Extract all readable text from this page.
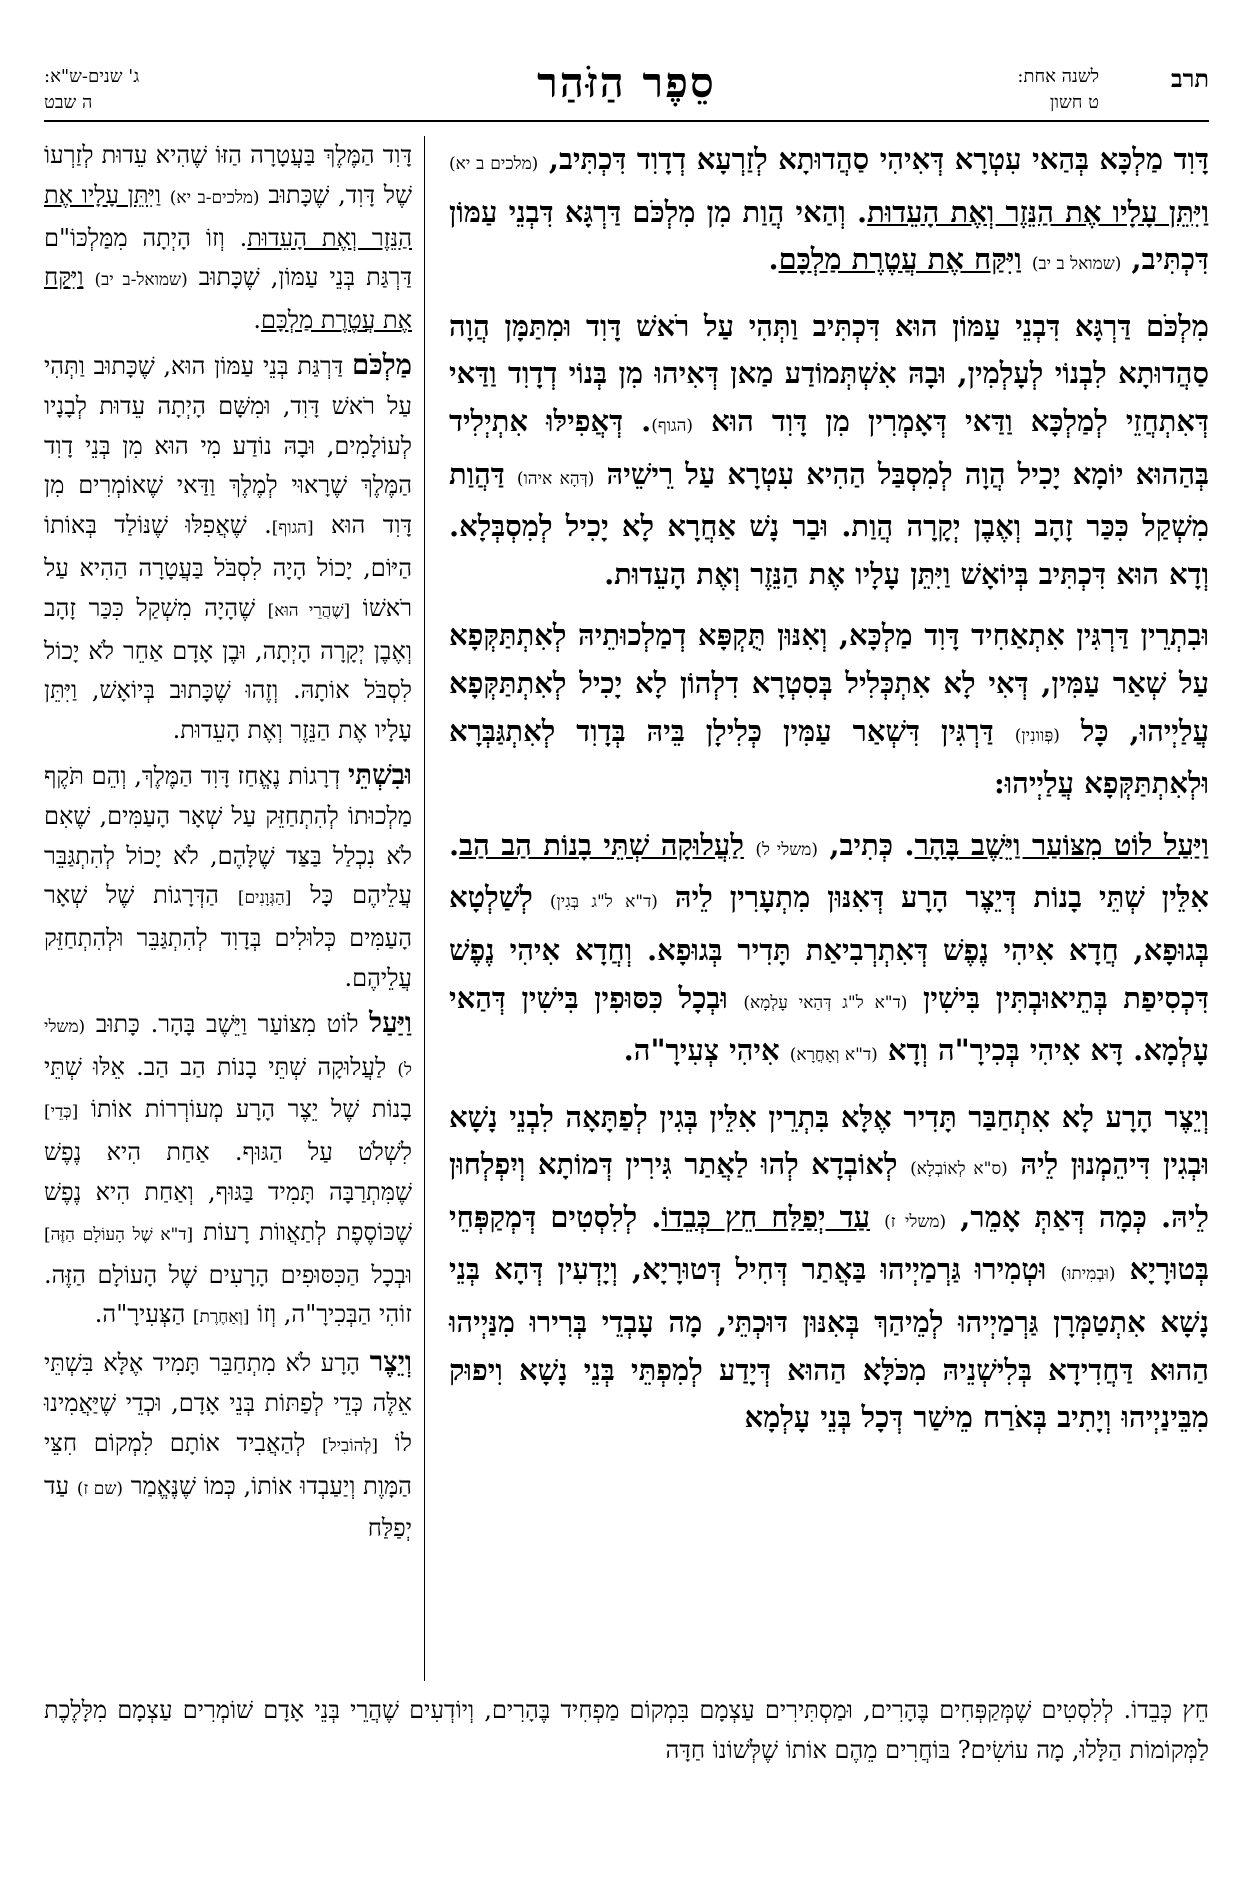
תרב
לשנה אחת:
ט חשון
סֵפֶר הַזֹּהַר
ג' שנים-ש"א:
ה שבט

דָּוִד מַלְכָּא בְּהַאי עִטְרָא דְּאִיהִי סַהֲדוּתָא לְזַרְעָא דְדָוִד דִּכְתִּיב, (מלכים ב יא) וַיִּתֵּן עָלָיו אֶת הַנֵּזֶר וְאֶת הָעֵדוּת. וְהַאי הֲוַת מִן מִלְכֹּם דַּרְגָּא דִּבְנֵי עַמּוֹן דִּכְתִּיב, (שמואל ב יב) וַיִּקַּח אֶת עֲטֶרֶת מַלְכָּם.

מִלְכֹּם דַּרְגָּא דִּבְנֵי עַמּוֹן הוּא דִּכְתִּיב וַתְּהִי עַל רֹאשׁ דָּוִד וּמִתַּמָּן הֲוָה סַהֲדוּתָא לִבְנוֹי לְעָלְמִין, וּבָהּ אִשְׁתְּמוֹדַע מַאן דְּאִיהוּ מִן בְּנוֹי דְדָוִד וַדַּאי דְּאִתְחֲזֵי לְמַלְכָּא וַדַּאי דְּאָמְרִין מִן דָּוִד הוּא (הגוף). דְּאֲפִילּוּ אִתְיְלִיד בְּהַהוּא יוֹמָא יָכִיל הֲוָה לְמִסְבַּל הַהִיא עִטְרָא עַל רֵישֵׁיהּ (דְּהָא איהו) דַּהֲוַת מִשְׁקַל כִּכַּר זָהָב וְאֶבֶן יְקָרָה הֲוַת. וּבַר נָשׁ אַחֲרָא לָא יָכִיל לְמִסְבְּלָא. וְדָא הוּא דִּכְתִּיב בְּיוֹאָשׁ וַיִּתֵּן עָלָיו אֶת הַנֵּזֶר וְאֶת הָעֵדוּת.

וּבִתְרֵין דַּרְגִּין אִתְאַחִיד דָּוִד מַלְכָּא, וְאִנּוּן תֻּקְפָּא דְמַלְכוּתֵיהּ לְאִתְתַּקְּפָא עַל שְׁאַר עַמִּין, דְּאִי לָא אִתְכְּלִיל בְּסִטְרָא דִלְהוֹן לָא יָכִיל לְאִתְתַּקְּפָא עֲלַיְיהוּ, כָּל (פְּוונִין) דַּרְגִּין דִּשְׁאַר עַמִּין כְּלִילָן בֵּיהּ בְּדָוִד לְאִתְגַּבְּרָא וּלְאִתְתַּקְּפָא עֲלַיְיהוּ:

וַיַּעַל לוֹט מִצּוֹעַר וַיֵּשֶׁב בָּהָר. כְּתִיב, (משלי ל) לַעֲלוּקָה שְׁתֵּי בָנוֹת הַב הַב. אִלֵּין שְׁתֵּי בָנוֹת דְּיֵצֶר הָרָע דְּאִנּוּן מִתְעָרִין לֵיהּ (ד"א ל"ג בְּגִין) לְשַׁלְטָא בְּגוּפָא, חֲדָא אִיהִי נֶפֶשׁ דְּאִתְרְבִיאַת תָּדִיר בְּגוּפָא. וְחֲדָא אִיהִי נֶפֶשׁ דִּכְסִיפַת בְּתֵיאוּבְתִּין בִּישִׁין (ד"א ל"ג דְּהַאי עָלְמָא) וּבְכָל כִּסּוּפִין בִּישִׁין דְּהַאי עָלְמָא. דָּא אִיהִי בְּכִירָ"ה וְדָא (ד"א וְאָחֳרָא) אִיהִי צְעִירָ"ה.

וְיֵצֶר הָרָע לָא אִתְחַבַּר תָּדִיר אֶלָּא בִּתְרֵין אִלֵּין בְּגִין לְפַתָּאָה לִבְנֵי נָשָׁא וּבְגִין דִּיהֵמְנוּן לֵיהּ (ס"א לְאוֹבְלָא) לְאוֹבְדָא לְהוּ לַאֲתַר גִּירִין דְּמוֹתָא וְיִפְלְחוּן לֵיהּ. כְּמָה דְּאַתְּ אָמֵר, (משלי ז) עַד יְפַלַּח חֵץ כְּבֵדוֹ. לְלִסְטִים דְּמְקַפְּחֵי בְּטוּרָיָא (וּבְמִיתוּ) וּטְמִירוּ גַּרְמַיְיהוּ בַּאֲתַר דְּחִיל דְּטוּרָיָא, וְיָדְעִין דְּהָא בְּנֵי נָשָׁא אִתְטַמְּרָן גַּרְמַיְיהוּ לְמֵיהַךְ בְּאִנּוּן דּוּכְתֵּי, מָה עָבְדֵי בְּרִירוּ מִנַּיְיהוּ הַהוּא דַּחֲדִידָא בְּלִישְׁנֵיהּ מִכֹּלָּא הַהוּא דְּיָדַע לְמִפְתֵּי בְּנֵי נָשָׁא וִיפוּק מִבֵּינַיְיהוּ וְיָתִיב בְּאֹרַח מֵישַׁר דְּכָל בְּנֵי עָלְמָא

דָּוִד הַמֶּלֶךְ בַּעֲטָרָה הַזּוֹ שֶׁהִיא עֵדוּת לְזַרְעוֹ שֶׁל דָּוִד, שֶׁכָּתוּב (מלכים-ב יא) וַיִּתֵּן עָלָיו אֶת הַנֵּזֶר וְאֶת הָעֵדוּת. וְזוֹ הָיְתָה מִמַּלְכּוֹ"ם דַּרְגַּת בְּנֵי עַמּוֹן, שֶׁכָּתוּב (שמואל-ב יב) וַיִּקַּח אֶת עֲטֶרֶת מַלְכָּם.

מַלְכֹּם דַּרְגַּת בְּנֵי עַמּוֹן הוּא, שֶׁכָּתוּב וַתְּהִי עַל רֹאשׁ דָּוִד, וּמִשָּׁם הָיְתָה עֵדוּת לְבָנָיו לְעוֹלָמִים, וּבָהּ נוֹדַע מִי הוּא מִן בְּנֵי דָוִד הַמֶּלֶךְ שֶׁרָאוּי לְמֶלֶךְ וַדַּאי שֶׁאוֹמְרִים מִן דָּוִד הוּא [הגוף]. שֶׁאֲפִלּוּ שֶׁנּוֹלַד בְּאוֹתוֹ הַיּוֹם, יָכוֹל הָיָה לִסְבֹּל בַּעֲטָרָה הַהִיא עַל רֹאשׁוֹ [שֶׁהֲרֵי הוּא] שֶׁהָיָה מִשְׁקַל כִּכַּר זָהָב וְאֶבֶן יְקָרָה הָיְתָה, וּבֶן אָדָם אַחֵר לֹא יָכוֹל לִסְבֹּל אוֹתָהּ. וְזֶהוּ שֶׁכָּתוּב בְּיוֹאָשׁ, וַיִּתֵּן עָלָיו אֶת הַנֵּזֶר וְאֶת הָעֵדוּת.

וּבִשְׁתֵּי דְרָגוֹת נֶאֱחַז דָּוִד הַמֶּלֶךְ, וְהֵם תֹּקֶף מַלְכוּתוֹ לְהִתְחַזֵּק עַל שְׁאָר הָעַמִּים, שֶׁאִם לֹא נִכְלַל בַּצַּד שֶׁלָּהֶם, לֹא יָכוֹל לְהִתְגַּבֵּר עֲלֵיהֶם כָּל [הַגְּוָנִים] הַדְּרָגוֹת שֶׁל שְׁאָר הָעַמִּים כְּלוּלִים בְּדָוִד לְהִתְגַּבֵּר וּלְהִתְחַזֵּק עֲלֵיהֶם.

וַיַּעַל לוֹט מִצּוֹעַר וַיֵּשֶׁב בָּהָר. כָּתוּב (משלי ל) לַעֲלוּקָה שְׁתֵּי בָנוֹת הַב הַב. אֵלּוּ שְׁתֵּי בָנוֹת שֶׁל יֵצֶר הָרָע מְעוֹרְרוֹת אוֹתוֹ [כְּדֵי] לִשְׁלֹט עַל הַגּוּף. אַחַת הִיא נֶפֶשׁ שֶׁמִּתְרַבָּה תָּמִיד בַּגּוּף, וְאַחַת הִיא נֶפֶשׁ שֶׁכּוֹסֶפֶת לְתַאֲווֹת רָעוֹת [ד"א שֶׁל הָעוֹלָם הַזֶּה] וּבְכָל הַכִּסּוּפִים הָרָעִים שֶׁל הָעוֹלָם הַזֶּה. זוֹהִי הַבְּכִירָ"ה, וְזוֹ [וְאַחֶרֶת] הַצְּעִירָ"ה.

וְיֵצֶר הָרָע לֹא מִתְחַבֵּר תָּמִיד אֶלָּא בִּשְׁתֵּי אֵלֶּה כְּדֵי לְפַתּוֹת בְּנֵי אָדָם, וּכְדֵי שֶׁיַּאֲמִינוּ לוֹ [לְהוֹבִיל] לְהַאֲבִיד אוֹתָם לִמְקוֹם חִצֵּי הַמָּוֶת וְיַעַבְדוּ אוֹתוֹ, כְּמוֹ שֶׁנֶּאֱמַר (שם ז) עַד יְפַלַּח

חֵץ כְּבֵדוֹ. לְלִסְטִים שֶׁמְּקַפְּחִים בֶּהָרִים, וּמַסְתִּירִים עַצְמָם בִּמְקוֹם מַפְחִיד בֶּהָרִים, וְיוֹדְעִים שֶׁהֲרֵי בְּנֵי אָדָם שׁוֹמְרִים עַצְמָם מִלָּלֶכֶת לַמְּקוֹמוֹת הַלָּלוּ, מָה עוֹשִׂים? בּוֹחֲרִים מֵהֶם אוֹתוֹ שֶׁלְּשׁוֹנוֹ חַדָּה
